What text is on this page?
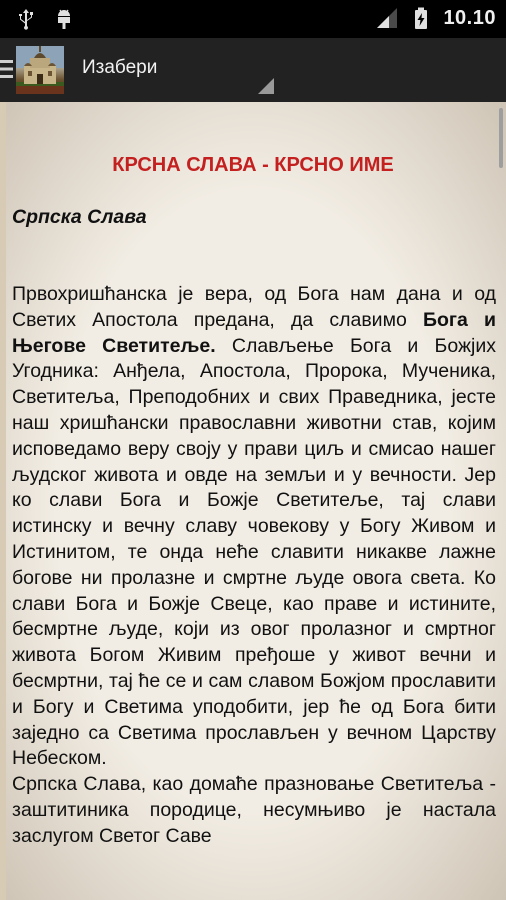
10.10
Изабери
КРСНА СЛАВА - КРСНО ИМЕ
Српска Слава

Првохришћанска је вера, од Бога нам дана и од Светих Апостола предана, да славимо Бога и Његове Светитеље. Слављење Бога и Божјих Угодника: Анђела, Апостола, Пророка, Мученика, Светитеља, Преподобних и свих Праведника, јесте наш хришћански православни животни став, којим исповедамо веру своју у прави циљ и смисао нашег људског живота и овде на земљи и у вечности. Јер ко слави Бога и Божје Светитеље, тај слави истинску и вечну славу човекову у Богу Живом и Истинитом, те онда неће славити никакве лажне богове ни пролазне и смртне људе овога света. Ко слави Бога и Божје Свеце, као праве и истините, бесмртне људе, који из овог пролазног и смртног живота Богом Живим пређоше у живот вечни и бесмртни, тај ће се и сам славом Божјом прославити и Богу и Светима уподобити, јер ће од Бога бити заједно са Светима прослављен у вечном Царству Небеском.

Српска Слава, као домаће празновање Светитеља - заштитиника породице, несумњиво је настала заслугом Светог Саве
